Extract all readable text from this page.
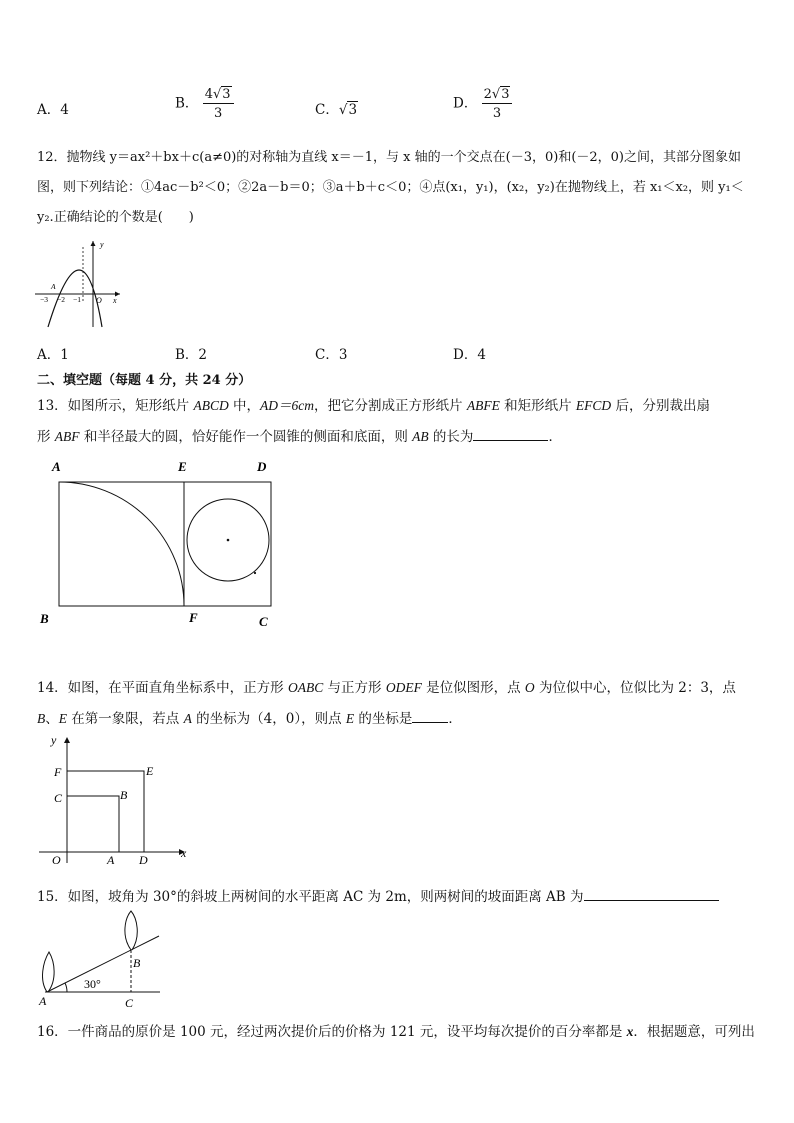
A．4	B． $\frac{4√3}{3}$	C．√3	D． $\frac{2√3}{3}$
12．抛物线 y＝ax²＋bx＋c(a≠0)的对称轴为直线 x＝－1，与 x 轴的一个交点在(－3，0)和(－2，0)之间，其部分图象如
图，则下列结论：①4ac－b²＜0；②2a－b＝0；③a＋b＋c＜0；④点(x₁，y₁)，(x₂，y₂)在抛物线上，若 x₁＜x₂，则 y₁＜
y₂.正确结论的个数是(　　)
y
x
O
−3 −2 −1
A
A．1	B．2	C．3	D．4
二、填空题（每题 4 分，共 24 分）
13．如图所示，矩形纸片 ABCD 中，AD＝6cm，把它分割成正方形纸片 ABFE 和矩形纸片 EFCD 后，分别裁出扇
形 ABF 和半径最大的圆，恰好能作一个圆锥的侧面和底面，则 AB 的长为	．
A	E	D
B	F	C
14．如图，在平面直角坐标系中，正方形 OABC 与正方形 ODEF 是位似图形，点 O 为位似中心，位似比为 2：3，点
B、E 在第一象限，若点 A 的坐标为（4，0），则点 E 的坐标是	．
y
x
F	E
C	B
O	A D
15．如图，坡角为 30°的斜坡上两树间的水平距离 AC 为 2m，则两树间的坡面距离 AB 为
30°
A
B
C
16．一件商品的原价是 100 元，经过两次提价后的价格为 121 元，设平均每次提价的百分率都是 x．根据题意，可列出
